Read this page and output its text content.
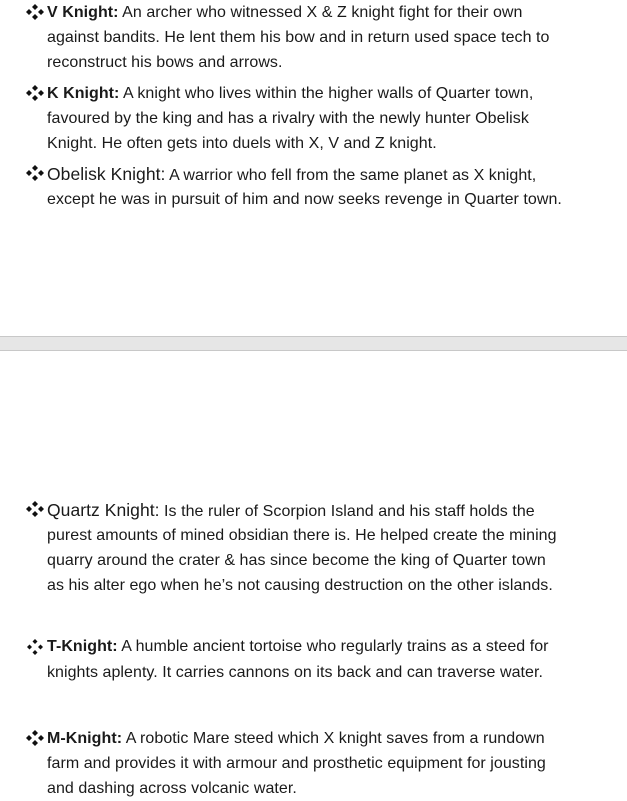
V Knight: An archer who witnessed X & Z knight fight for their own
against bandits. He lent them his bow and in return used space tech to
reconstruct his bows and arrows.
K Knight: A knight who lives within the higher walls of Quarter town,
favoured by the king and has a rivalry with the newly hunter Obelisk
Knight. He often gets into duels with X, V and Z knight.
Obelisk Knight: A warrior who fell from the same planet as X knight,
except he was in pursuit of him and now seeks revenge in Quarter town.
Quartz Knight: Is the ruler of Scorpion Island and his staff holds the
purest amounts of mined obsidian there is. He helped create the mining
quarry around the crater & has since become the king of Quarter town
as his alter ego when he’s not causing destruction on the other islands.
T-Knight: A humble ancient tortoise who regularly trains as a steed for
knights aplenty. It carries cannons on its back and can traverse water.
M-Knight: A robotic Mare steed which X knight saves from a rundown
farm and provides it with armour and prosthetic equipment for jousting
and dashing across volcanic water.
